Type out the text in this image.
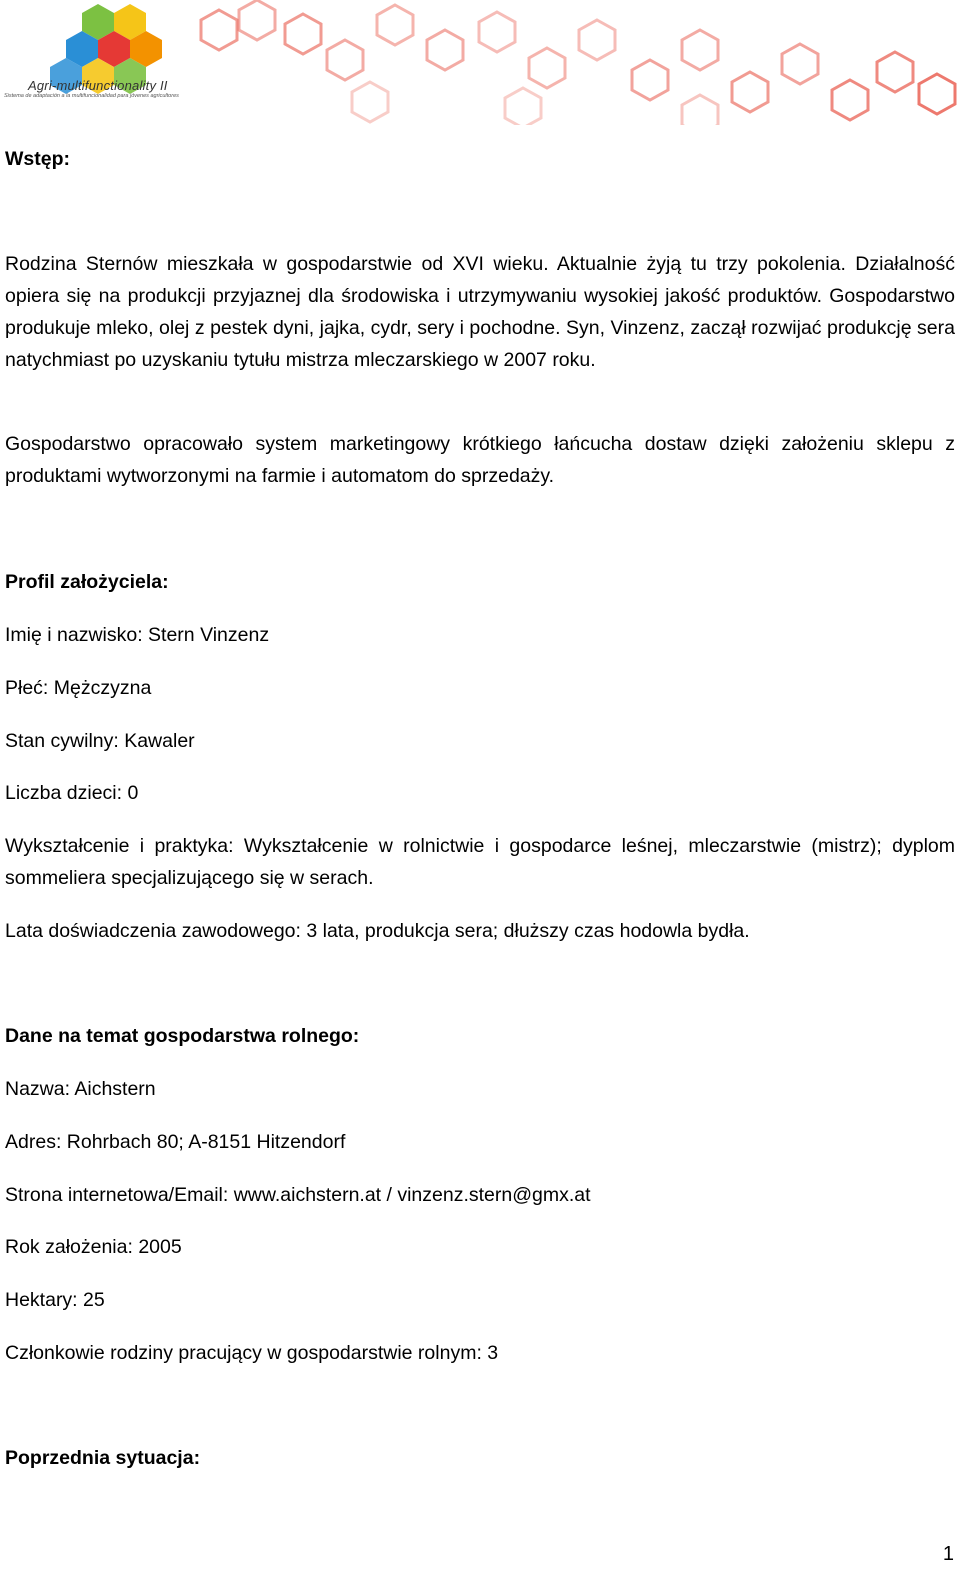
Agri-multifunctionality II
Sistema de adaptación a la multifuncionalidad para jóvenes agricultores
Wstęp:

Rodzina Sternów mieszkała w gospodarstwie od XVI wieku. Aktualnie żyją tu trzy pokolenia. Działalność opiera się na produkcji przyjaznej dla środowiska i utrzymywaniu wysokiej jakość produktów. Gospodarstwo produkuje mleko, olej z pestek dyni, jajka, cydr, sery i pochodne. Syn, Vinzenz, zaczął rozwijać produkcję sera natychmiast po uzyskaniu tytułu mistrza mleczarskiego w 2007 roku.

Gospodarstwo opracowało system marketingowy krótkiego łańcucha dostaw dzięki założeniu sklepu z produktami wytworzonymi na farmie i automatom do sprzedaży.

Profil założyciela:
Imię i nazwisko: Stern Vinzenz
Płeć: Mężczyzna
Stan cywilny: Kawaler
Liczba dzieci: 0

Wykształcenie i praktyka: Wykształcenie w rolnictwie i gospodarce leśnej, mleczarstwie (mistrz); dyplom sommeliera specjalizującego się w serach.

Lata doświadczenia zawodowego: 3 lata, produkcja sera; dłuższy czas hodowla bydła.
Dane na temat gospodarstwa rolnego:
Nazwa: Aichstern
Adres: Rohrbach 80; A-8151 Hitzendorf
Strona internetowa/Email: www.aichstern.at / vinzenz.stern@gmx.at
Rok założenia: 2005
Hektary: 25
Członkowie rodziny pracujący w gospodarstwie rolnym: 3
Poprzednia sytuacja:
1
